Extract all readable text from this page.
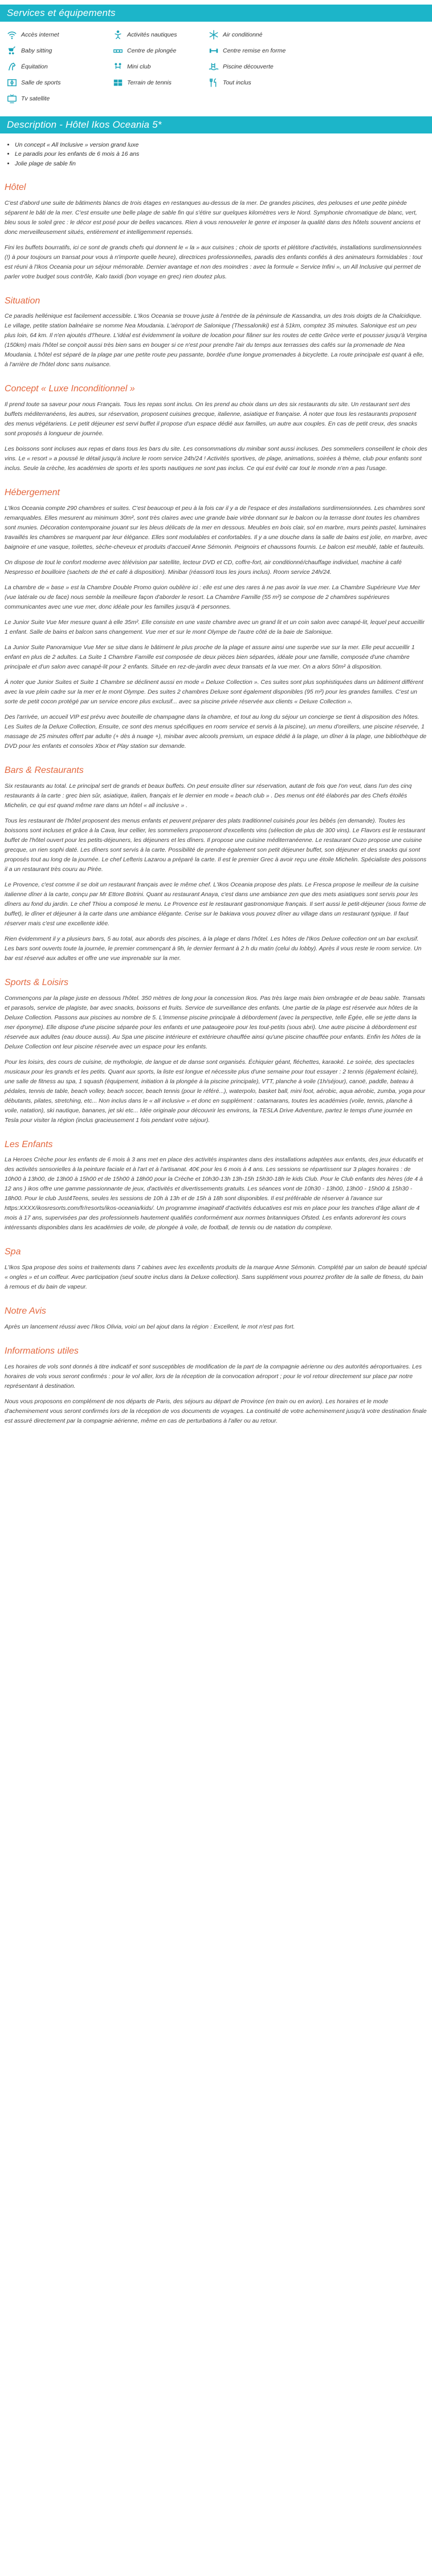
Services et équipements
Accès internet	Activités nautiques	Air conditionné
Baby sitting	Centre de plongée	Centre remise en forme
Équitation	Mini club	Piscine découverte
Salle de sports	Terrain de tennis	Tout inclus
Tv satellite
Description - Hôtel Ikos Oceania 5*
• Un concept « All Inclusive » version grand luxe
• Le paradis pour les enfants de 6 mois à 16 ans
• Jolie plage de sable fin
Hôtel

C'est d'abord une suite de bâtiments blancs de trois étages en restanques au-dessus de la mer. De grandes piscines, des pelouses et une petite pinède séparent le bâti de la mer. C'est ensuite une belle plage de sable fin qui s'étire sur quelques kilomètres vers le Nord. Symphonie chromatique de blanc, vert, bleu sous le soleil grec : le décor est posé pour de belles vacances. Rien à vous renouveler le genre et imposer la qualité dans des hôtels souvent anciens et donc merveilleusement situés, entièrement et intelligemment repensés.

Fini les buffets bourratifs, ici ce sont de grands chefs qui donnent le « la » aux cuisines ; choix de sports et plétitore d'activités, installations surdimensionnées (!) à pour toujours un transat pour vous à n'importe quelle heure), directrices professionnelles, paradis des enfants confiés à des animateurs formidables : tout est réuni à l'Ikos Oceania pour un séjour mémorable. Dernier avantage et non des moindres : avec la formule « Service Infini », un All Inclusive qui permet de parler votre budget sous contrôle, Kalo taxidi (bon voyage en grec) rien doutez plus.

Situation

Ce paradis hellénique est facilement accessible. L'Ikos Oceania se trouve juste à l'entrée de la péninsule de Kassandra, un des trois doigts de la Chalcidique. Le village, petite station balnéaire se nomme Nea Moudania. L'aéroport de Salonique (Thessaloniki) est à 51km, comptez 35 minutes. Salonique est un peu plus loin, 64 km. Il n'en ajoutés d'l'heure. L'idéal est évidemment la voiture de location pour flâner sur les routes de cette Grèce verte et pousser jusqu'à Vergina (150km) mais l'hôtel se conçoit aussi très bien sans en bouger si ce n'est pour prendre l'air du temps aux terrasses des cafés sur la promenade de Nea Moudania. L'hôtel est séparé de la plage par une petite route peu passante, bordée d'une longue promenades à bicyclette. La route principale est quant à elle, à l'arrière de l'hôtel donc sans nuisance.

Concept « Luxe Inconditionnel »

Il prend toute sa saveur pour nous Français. Tous les repas sont inclus. On les prend au choix dans un des six restaurants du site. Un restaurant sert des buffets méditerranéens, les autres, sur réservation, proposent cuisines grecque, italienne, asiatique et française. À noter que tous les restaurants proposent des menus végétariens. Le petit déjeuner est servi buffet il propose d'un espace dédié aux familles, un autre aux couples. En cas de petit creux, des snacks sont proposés à longueur de journée.

Les boissons sont incluses aux repas et dans tous les bars du site. Les consommations du minibar sont aussi incluses. Des sommeliers conseillent le choix des vins. Le « resort » a poussé le détail jusqu'à inclure le room service 24h/24 ! Activités sportives, de plage, animations, soirées à thème, club pour enfants sont inclus. Seule la crèche, les académies de sports et les sports nautiques ne sont pas inclus. Ce qui est évité car tout le monde n'en a pas l'usage.

Hébergement

L'Ikos Oceania compte 290 chambres et suites. C'est beaucoup et peu à la fois car il y a de l'espace et des installations surdimensionnées. Les chambres sont remarquables. Elles mesurent au minimum 30m², sont très claires avec une grande baie vitrée donnant sur le balcon ou la terrasse dont toutes les chambres sont munies. Décoration contemporaine jouant sur les bleus délicats de la mer en dessous. Meubles en bois clair, sol en marbre, murs peints pastel, luminaires travaillés les chambres se marquent par leur élégance. Elles sont modulables et confortables. Il y a une douche dans la salle de bains est jolie, en marbre, avec baignoire et une vasque, toilettes, sèche-cheveux et produits d'accueil Anne Sémonin. Peignoirs et chaussons fournis. Le balcon est meublé, table et fauteuils.

On dispose de tout le confort moderne avec télévision par satellite, lecteur DVD et CD, coffre-fort, air conditionné/chauffage individuel, machine à café Nespresso et bouilloire (sachets de thé et café à disposition). Minibar (réassorti tous les jours inclus). Room service 24h/24.

La chambre de « base » est la Chambre Double Promo quion oublière ici : elle est une des rares à ne pas avoir la vue mer. La Chambre Supérieure Vue Mer (vue latérale ou de face) nous semble la meilleure façon d'aborder le resort. La Chambre Famille (55 m²) se compose de 2 chambres supérieures communicantes avec une vue mer, donc idéale pour les familles jusqu'à 4 personnes.

Le Junior Suite Vue Mer mesure quant à elle 35m². Elle consiste en une vaste chambre avec un grand lit et un coin salon avec canapé-lit, lequel peut accueillir 1 enfant. Salle de bains et balcon sans changement. Vue mer et sur le mont Olympe de l'autre côté de la baie de Salonique.

La Junior Suite Panoramique Vue Mer se situe dans le bâtiment le plus proche de la plage et assure ainsi une superbe vue sur la mer. Elle peut accueillir 1 enfant en plus de 2 adultes. La Suite 1 Chambre Famille est composée de deux pièces bien séparées, idéale pour une famille, composée d'une chambre principale et d'un salon avec canapé-lit pour 2 enfants. Située en rez-de-jardin avec deux transats et la vue mer. On a alors 50m² à disposition.

À noter que Junior Suites et Suite 1 Chambre se déclinent aussi en mode « Deluxe Collection ». Ces suites sont plus sophistiquées dans un bâtiment différent avec la vue plein cadre sur la mer et le mont Olympe. Des suites 2 chambres Deluxe sont également disponibles (95 m²) pour les grandes familles. C'est un sorte de petit cocon protégé par un service encore plus exclusif... avec sa piscine privée réservée aux clients « Deluxe Collection ».

Des l'arrivée, un accueil VIP est prévu avec bouteille de champagne dans la chambre, et tout au long du séjour un concierge se tient à disposition des hôtes. Les Suites de la Deluxe Collection, Ensuite, ce sont des menus spécifiques en room service et servis à la piscine), un menu d'oreillers, une piscine réservée, 1 massage de 25 minutes offert par adulte (+ dès à nuage +), minibar avec alcools premium, un espace dédié à la plage, un dîner à la plage, une bibliothèque de DVD pour les enfants et consoles Xbox et Play station sur demande.

Bars & Restaurants

Six restaurants au total. Le principal sert de grands et beaux buffets. On peut ensuite dîner sur réservation, autant de fois que l'on veut, dans l'un des cinq restaurants à la carte : grec bien sûr, asiatique, italien, français et le dernier en mode « beach club » . Des menus ont été élaborés par des Chefs étoilés Michelin, ce qui est quand même rare dans un hôtel « all inclusive » .

Tous les restaurant de l'hôtel proposent des menus enfants et peuvent préparer des plats traditionnel cuisinés pour les bébés (en demande). Toutes les boissons sont incluses et grâce à la Cava, leur cellier, les sommeliers proposeront d'excellents vins (sélection de plus de 300 vins). Le Flavors est le restaurant buffet de l'hôtel ouvert pour les petits-déjeuners, les déjeuners et les dîners. Il propose une cuisine méditerranéenne. Le restaurant Ouzo propose une cuisine grecque, un rien sophi daté. Les dîners sont servis à la carte. Possibilité de prendre également son petit déjeuner buffet, son déjeuner et des snacks qui sont proposés tout au long de la journée. Le chef Lefteris Lazarou a préparé la carte. Il est le premier Grec à avoir reçu une étoile Michelin. Spécialiste des poissons il a un restaurant très couru au Pirée.

Le Provence, c'est comme il se doit un restaurant français avec le même chef. L'Ikos Oceania propose des plats. Le Fresca propose le meilleur de la cuisine italienne dîner à la carte, conçu par Mr Ettore Botrini. Quant au restaurant Anaya, c'est dans une ambiance zen que des mets asiatiques sont servis pour les dîners au fond du jardin. Le chef Thiou a composé le menu. Le Provence est le restaurant gastronomique français. Il sert aussi le petit-déjeuner (sous forme de buffet), le dîner et déjeuner à la carte dans une ambiance élégante. Cerise sur le bakiava vous pouvez dîner au village dans un restaurant typique. Il faut réserver mais c'est une excellente idée.

Rien évidemment il y a plusieurs bars, 5 au total, aux abords des piscines, à la plage et dans l'hôtel. Les hôtes de l'Ikos Deluxe collection ont un bar exclusif. Les bars sont ouverts toute la journée, le premier commençant à 9h, le dernier fermant à 2 h du matin (celui du lobby). Après il vous reste le room service. Un bar est réservé aux adultes et offre une vue imprenable sur la mer.

Sports & Loisirs

Commençons par la plage juste en dessous l'hôtel. 350 mètres de long pour la concession Ikos. Pas très large mais bien ombragée et de beau sable. Transats et parasols, service de plagiste, bar avec snacks, boissons et fruits. Service de surveillance des enfants. Une partie de la plage est réservée aux hôtes de la Deluxe Collection. Passons aux piscines au nombre de 5. L'immense piscine principale à débordement (avec la perspective, telle Égée, elle se jette dans la mer éponyme). Elle dispose d'une piscine séparée pour les enfants et une pataugeoire pour les tout-petits (sous abri). Une autre piscine à débordement est réservée aux adultes (eau douce aussi). Au Spa une piscine intérieure et extérieure chauffée ainsi qu'une piscine chauffée pour enfants. Enfin les hôtes de la Deluxe Collection ont leur piscine réservée avec un espace pour les enfants.

Pour les loisirs, des cours de cuisine, de mythologie, de langue et de danse sont organisés. Échiquier géant, fléchettes, karaoké. Le soirée, des spectacles musicaux pour les grands et les petits. Quant aux sports, la liste est longue et nécessite plus d'une semaine pour tout essayer : 2 tennis (également éclairé), une salle de fitness au spa, 1 squash (équipement, initiation à la plongée à la piscine principale), VTT, planche à voile (1h/séjour), canoë, paddle, bateau à pédales, tennis de table, beach volley, beach soccer, beach tennis (pour le référé...), waterpolo, basket ball, mini foot, aérobic, aqua aérobic, zumba, yoga pour débutants, pilates, stretching, etc... Non inclus dans le « all inclusive » et donc en supplément : catamarans, toutes les académies (voile, tennis, planche à voile, natation), ski nautique, bananes, jet ski etc... Idée originale pour découvrir les environs, la TESLA Drive Adventure, partez le temps d'une journée en Tesla pour visiter la région (inclus gracieusement 1 fois pendant votre séjour).

Les Enfants

La Heroes Crèche pour les enfants de 6 mois à 3 ans met en place des activités inspirantes dans des installations adaptées aux enfants, des jeux éducatifs et des activités sensorielles à la peinture faciale et à l'art et à l'artisanat. 40€ pour les 6 mois à 4 ans. Les sessions se répartissent sur 3 plages horaires : de 10h00 à 13h00, de 13h00 à 15h00 et de 15h00 à 18h00 pour la Crèche et 10h30-13h 13h-15h 15h30-18h le kids Club. Pour le Club enfants des hères (de 4 à 12 ans ) ikos offre une gamme passionnante de jeux, d'activités et divertissements gratuits. Les séances vont de 10h30 - 13h00, 13h00 - 15h00 & 15h30 - 18h00. Pour le club Just4Teens, seules les sessions de 10h à 13h et de 15h à 18h sont disponibles. Il est préférable de réserver à l'avance sur https:XXXX/ikosresorts.com/fr/resorts/ikos-oceania/kids/. Un programme imaginatif d'activités éducatives est mis en place pour les tranches d'âge allant de 4 mois à 17 ans, supervisées par des professionnels hautement qualifiés conformément aux normes britanniques Ofsted. Les enfants adoreront les cours intéressants disponibles dans les académies de voile, de plongée à voile, de football, de tennis ou de natation du complexe.

Spa

L'Ikos Spa propose des soins et traitements dans 7 cabines avec les excellents produits de la marque Anne Sémonin. Complété par un salon de beauté spécial « ongles » et un coiffeur. Avec participation (seul soutre inclus dans la Deluxe collection). Sans supplément vous pourrez profiter de la salle de fitness, du bain à remous et du bain de vapeur.

Notre Avis

Après un lancement réussi avec l'Ikos Olivia, voici un bel ajout dans la région : Excellent, le mot n'est pas fort.

Informations utiles

Les horaires de vols sont donnés à titre indicatif et sont susceptibles de modification de la part de la compagnie aérienne ou des autorités aéroportuaires. Les horaires de vols vous seront confirmés : pour le vol aller, lors de la réception de la convocation aéroport ; pour le vol retour directement sur place par notre représentant à destination.

Nous vous proposons en complément de nos départs de Paris, des séjours au départ de Province (en train ou en avion). Les horaires et le mode d'acheminement vous seront confirmés lors de la réception de vos documents de voyages. La continuité de votre acheminement jusqu'à votre destination finale est assuré directement par la compagnie aérienne, même en cas de perturbations à l'aller ou au retour.
